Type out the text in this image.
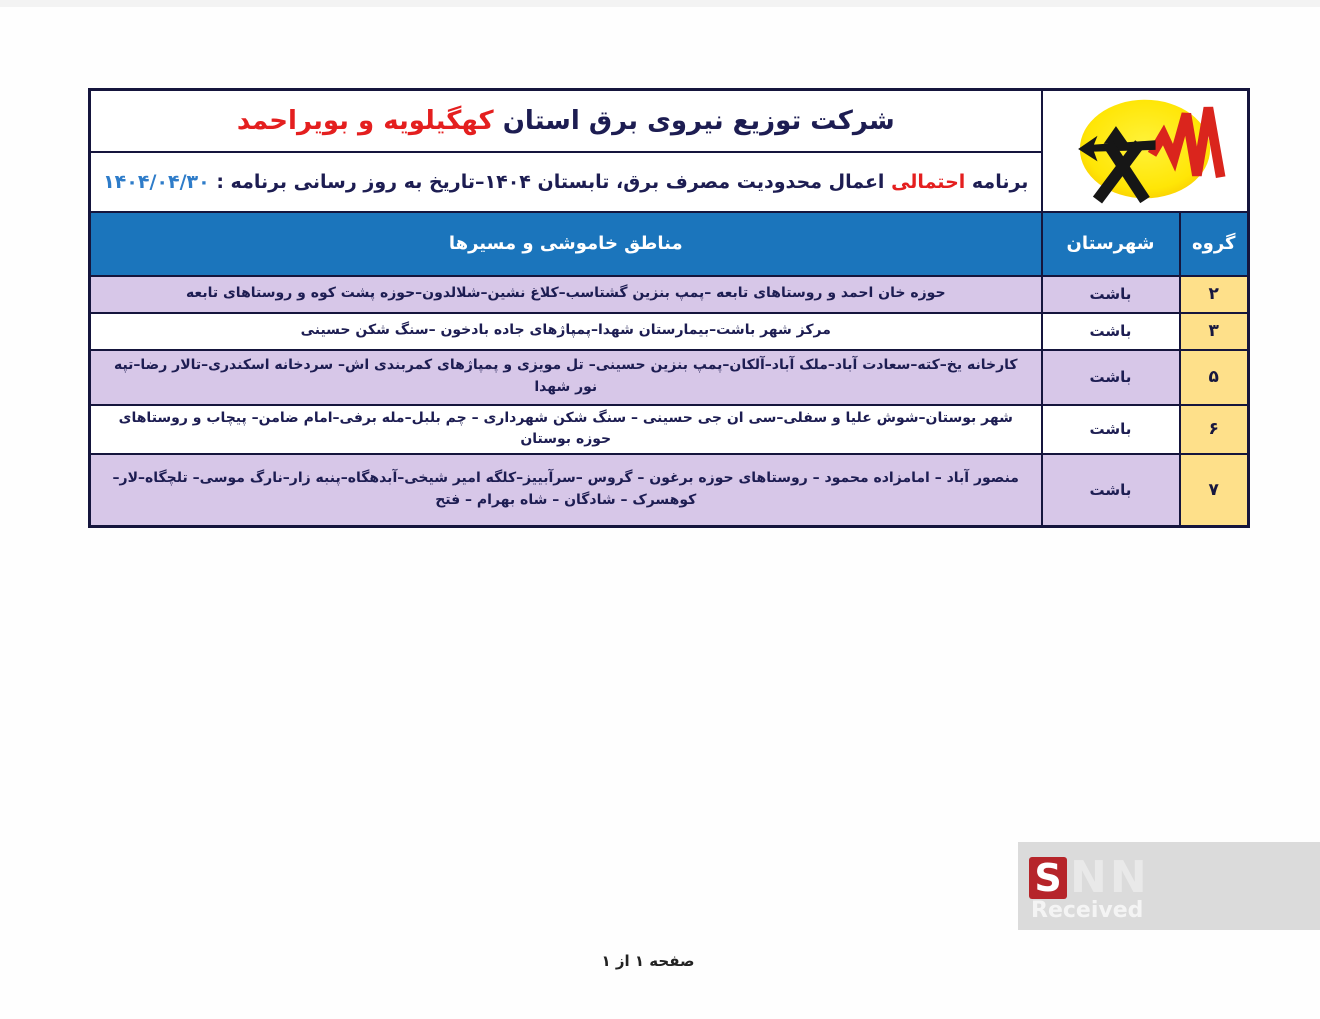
	شرکت توزیع نیروی برق استان کهگیلویه و بویراحمد
		برنامه احتمالی اعمال محدودیت مصرف برق، تابستان ۱۴۰۴–تاریخ به روز رسانی برنامه : ۱۴۰۴/۰۴/۳۰
گروه	شهرستان	مناطق خاموشی و مسیرها
۲	باشت	حوزه خان احمد و روستاهای تابعه –پمپ بنزین گشتاسب–کلاغ نشین–شلالدون–حوزه پشت کوه و روستاهای تابعه
۳	باشت	مرکز شهر باشت–بیمارستان شهدا–پمپاژهای جاده بادخون –سنگ شکن حسینی
۵	باشت	کارخانه یخ–کته–سعادت آباد–ملک آباد–آلکان–پمپ بنزین حسینی– تل مویزی و پمپاژهای کمربندی اش– سردخانه اسکندری–تالار رضا–تپه نور شهدا
۶	باشت	شهر بوستان–شوش علیا و سفلی–سی ان جی حسینی – سنگ شکن شهرداری – چم بلبل–مله برفی–امام ضامن– پیچاب و روستاهای حوزه بوستان
۷	باشت	منصور آباد – امامزاده محمود – روستاهای حوزه برغون – گروس –سرآبییز–کلگه امیر شیخی–آبدهگاه–پنبه زار–نارگ موسی– تلچگاه–لار–کوهسرک – شادگان – شاه بهرام – فتح
S NN
Received
صفحه ۱ از ۱
